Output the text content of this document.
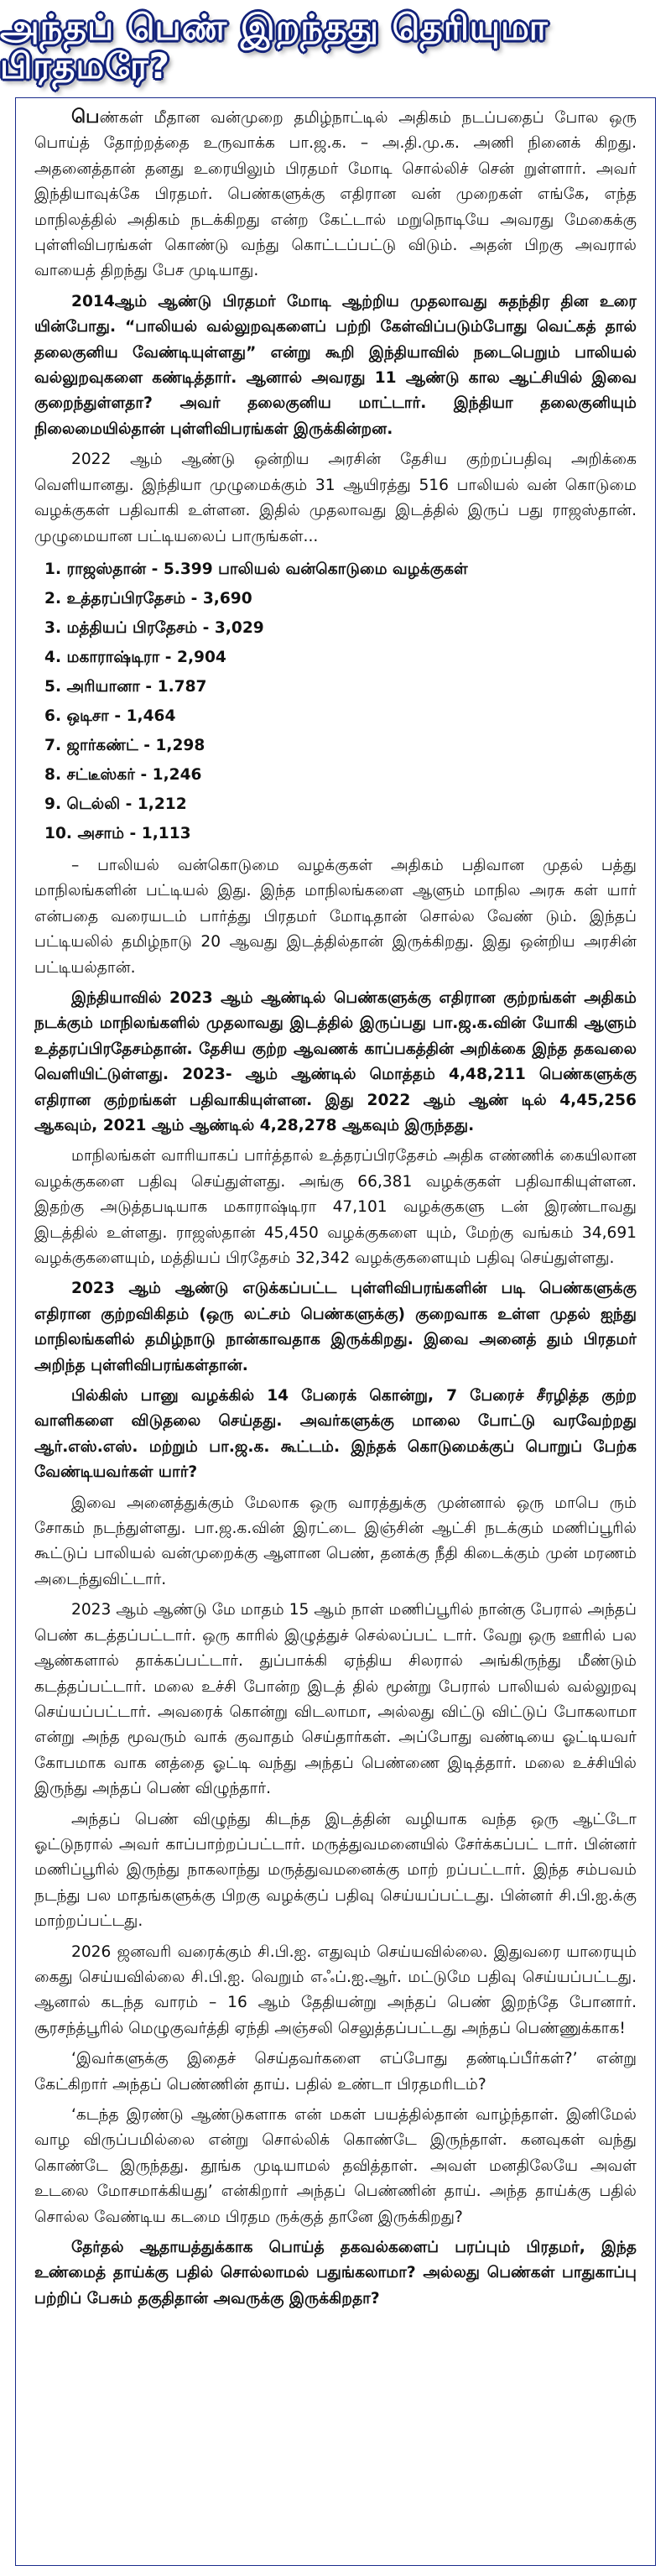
அந்தப் பெண் இறந்தது தெரியுமா பிரதமரே?

பெண்கள் மீதான வன்முறை தமிழ்நாட்டில் அதிகம் நடப்பதைப் போல ஒரு பொய்த் தோற்றத்தை உருவாக்க பா.ஜ.க. – அ.தி.மு.க. அணி நினைக் கிறது. அதனைத்தான் தனது உரையிலும் பிரதமர் மோடி சொல்லிச் சென் றுள்ளார். அவர் இந்தியாவுக்கே பிரதமர். பெண்களுக்கு எதிரான வன் முறைகள் எங்கே, எந்த மாநிலத்தில் அதிகம் நடக்கிறது என்ற கேட்டால் மறுநொடியே அவரது மேகைக்கு புள்ளிவிபரங்கள் கொண்டு வந்து கொட்டப்பட்டு விடும். அதன் பிறகு அவரால் வாயைத் திறந்து பேச முடியாது.

2014ஆம் ஆண்டு பிரதமர் மோடி ஆற்றிய முதலாவது சுதந்திர தின உரை யின்போது. “பாலியல் வல்லுறவுகளைப் பற்றி கேள்விப்படும்போது வெட்கத் தால் தலைகுனிய வேண்டியுள்ளது” என்று கூறி இந்தியாவில் நடைபெறும் பாலியல் வல்லுறவுகளை கண்டித்தார். ஆனால் அவரது 11 ஆண்டு கால ஆட்சியில் இவை குறைந்துள்ளதா? அவர் தலைகுனிய மாட்டார். இந்தியா தலைகுனியும் நிலைமையில்தான் புள்ளிவிபரங்கள் இருக்கின்றன.

2022 ஆம் ஆண்டு ஒன்றிய அரசின் தேசிய குற்றப்பதிவு அறிக்கை வெளியானது. இந்தியா முழுமைக்கும் 31 ஆயிரத்து 516 பாலியல் வன் கொடுமை வழக்குகள் பதிவாகி உள்ளன. இதில் முதலாவது இடத்தில் இருப் பது ராஜஸ்தான். முழுமையான பட்டியலைப் பாருங்கள்...

1 . ராஜஸ்தான் - 5.399 பாலியல் வன்கொடுமை வழக்குகள்
2 . உத்தரப்பிரதேசம் - 3,690
3 . மத்தியப் பிரதேசம் - 3,029
4 . மகாராஷ்டிரா - 2,904
5 . அரியானா - 1.787
6 . ஒடிசா - 1,464
7 . ஜார்கண்ட் - 1,298
8 . சட்டீஸ்கர் - 1,246
9 . டெல்லி - 1,212
10 . அசாம் - 1,113

– பாலியல் வன்கொடுமை வழக்குகள் அதிகம் பதிவான முதல் பத்து மாநிலங்களின் பட்டியல் இது. இந்த மாநிலங்களை ஆளும் மாநில அரசு கள் யார் என்பதை வரையடம் பார்த்து பிரதமர் மோடிதான் சொல்ல வேண் டும். இந்தப் பட்டியலில் தமிழ்நாடு 20 ஆவது இடத்தில்தான் இருக்கிறது. இது ஒன்றிய அரசின் பட்டியல்தான்.

இந்தியாவில் 2023 ஆம் ஆண்டில் பெண்களுக்கு எதிரான குற்றங்கள் அதிகம் நடக்கும் மாநிலங்களில் முதலாவது இடத்தில் இருப்பது பா.ஜ.க.வின் யோகி ஆளும் உத்தரப்பிரதேசம்தான். தேசிய குற்ற ஆவணக் காப்பகத்தின் அறிக்கை இந்த தகவலை வெளியிட்டுள்ளது. 2023- ஆம் ஆண்டில் மொத்தம் 4,48,211 பெண்களுக்கு எதிரான குற்றங்கள் பதிவாகியுள்ளன. இது 2022 ஆம் ஆண் டில் 4,45,256 ஆகவும், 2021 ஆம் ஆண்டில் 4,28,278 ஆகவும் இருந்தது.

மாநிலங்கள் வாரியாகப் பார்த்தால் உத்தரப்பிரதேசம் அதிக எண்ணிக் கையிலான வழக்குகளை பதிவு செய்துள்ளது. அங்கு 66,381 வழக்குகள் பதிவாகியுள்ளன. இதற்கு அடுத்தபடியாக மகாராஷ்டிரா 47,101 வழக்குகளு டன் இரண்டாவது இடத்தில் உள்ளது. ராஜஸ்தான் 45,450 வழக்குகளை யும், மேற்கு வங்கம் 34,691 வழக்குகளையும், மத்தியப் பிரதேசம் 32,342 வழக்குகளையும் பதிவு செய்துள்ளது.

2023 ஆம் ஆண்டு எடுக்கப்பட்ட புள்ளிவிபரங்களின் படி பெண்களுக்கு எதிரான குற்றவிகிதம் (ஒரு லட்சம் பெண்களுக்கு) குறைவாக உள்ள முதல் ஐந்து மாநிலங்களில் தமிழ்நாடு நான்காவதாக இருக்கிறது. இவை அனைத் தும் பிரதமர் அறிந்த புள்ளிவிபரங்கள்தான்.

பில்கிஸ் பானு வழக்கில் 14 பேரைக் கொன்று, 7 பேரைச் சீரழித்த குற்ற வாளிகளை விடுதலை செய்தது. அவர்களுக்கு மாலை போட்டு வரவேற்றது ஆர்.எஸ்.எஸ். மற்றும் பா.ஜ.க. கூட்டம். இந்தக் கொடுமைக்குப் பொறுப் பேற்க வேண்டியவர்கள் யார்?

இவை அனைத்துக்கும் மேலாக ஒரு வாரத்துக்கு முன்னால் ஒரு மாபெ ரும் சோகம் நடந்துள்ளது. பா.ஜ.க.வின் இரட்டை இஞ்சின் ஆட்சி நடக்கும் மணிப்பூரில் கூட்டுப் பாலியல் வன்முறைக்கு ஆளான பெண், தனக்கு நீதி கிடைக்கும் முன் மரணம் அடைந்துவிட்டார்.

2023 ஆம் ஆண்டு மே மாதம் 15 ஆம் நாள் மணிப்பூரில் நான்கு பேரால் அந்தப் பெண் கடத்தப்பட்டார். ஒரு காரில் இழுத்துச் செல்லப்பட் டார். வேறு ஒரு ஊரில் பல ஆண்களால் தாக்கப்பட்டார். துப்பாக்கி ஏந்திய சிலரால் அங்கிருந்து மீண்டும் கடத்தப்பட்டார். மலை உச்சி போன்ற இடத் தில் மூன்று பேரால் பாலியல் வல்லுறவு செய்யப்பட்டார். அவரைக் கொன்று விடலாமா, அல்லது விட்டு விட்டுப் போகலாமா என்று அந்த மூவரும் வாக் குவாதம் செய்தார்கள். அப்போது வண்டியை ஓட்டியவர் கோபமாக வாக னத்தை ஓட்டி வந்து அந்தப் பெண்ணை இடித்தார். மலை உச்சியில் இருந்து அந்தப் பெண் விழுந்தார்.

அந்தப் பெண் விழுந்து கிடந்த இடத்தின் வழியாக வந்த ஒரு ஆட்டோ ஓட்டுநரால் அவர் காப்பாற்றப்பட்டார். மருத்துவமனையில் சேர்க்கப்பட் டார். பின்னர் மணிப்பூரில் இருந்து நாகலாந்து மருத்துவமனைக்கு மாற் றப்பட்டார். இந்த சம்பவம் நடந்து பல மாதங்களுக்கு பிறகு வழக்குப் பதிவு செய்யப்பட்டது. பின்னர் சி.பி.ஐ.க்கு மாற்றப்பட்டது.

2026 ஜனவரி வரைக்கும் சி.பி.ஐ. எதுவும் செய்யவில்லை. இதுவரை யாரையும் கைது செய்யவில்லை சி.பி.ஐ. வெறும் எஃப்.ஐ.ஆர். மட்டுமே பதிவு செய்யப்பட்டது. ஆனால் கடந்த வாரம் – 16 ஆம் தேதியன்று அந்தப் பெண் இறந்தே போனார். சூரசந்த்பூரில் மெழுகுவர்த்தி ஏந்தி அஞ்சலி செலுத்தப்பட்டது அந்தப் பெண்ணுக்காக!

‘இவர்களுக்கு இதைச் செய்தவர்களை எப்போது தண்டிப்பீர்கள்?’ என்று கேட்கிறார் அந்தப் பெண்ணின் தாய். பதில் உண்டா பிரதமரிடம்?

‘கடந்த இரண்டு ஆண்டுகளாக என் மகள் பயத்தில்தான் வாழ்ந்தாள். இனிமேல் வாழ விருப்பமில்லை என்று சொல்லிக் கொண்டே இருந்தாள். கனவுகள் வந்து கொண்டே இருந்தது. தூங்க முடியாமல் தவித்தாள். அவள் மனதிலேயே அவள் உடலை மோசமாக்கியது’ என்கிறார் அந்தப் பெண்ணின் தாய். அந்த தாய்க்கு பதில் சொல்ல வேண்டிய கடமை பிரதம ருக்குத் தானே இருக்கிறது?

தேர்தல் ஆதாயத்துக்காக பொய்த் தகவல்களைப் பரப்பும் பிரதமர், இந்த உண்மைத் தாய்க்கு பதில் சொல்லாமல் பதுங்கலாமா? அல்லது பெண்கள் பாதுகாப்பு பற்றிப் பேசும் தகுதிதான் அவருக்கு இருக்கிறதா?
